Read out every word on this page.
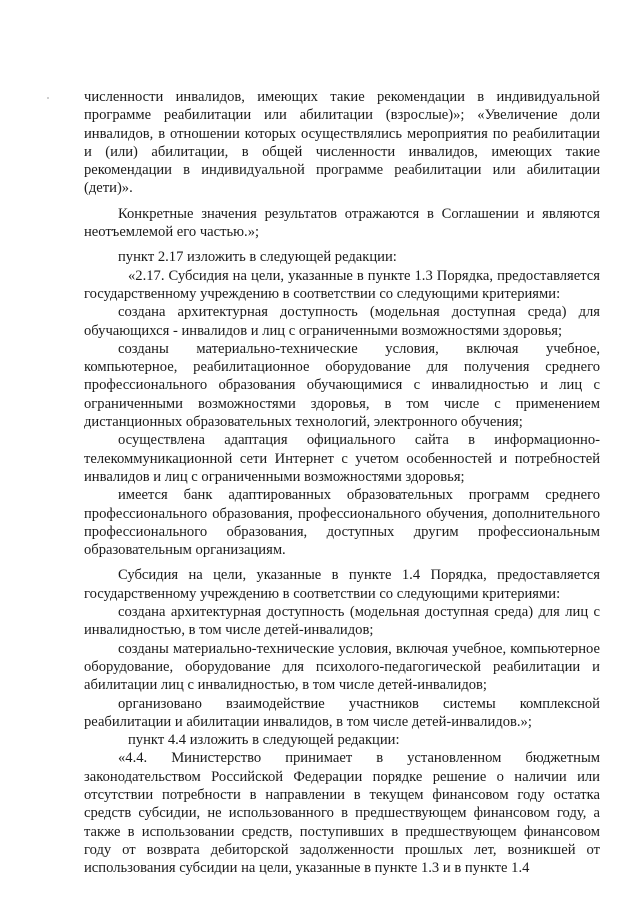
численности инвалидов, имеющих такие рекомендации в индивидуальной программе реабилитации или абилитации (взрослые)»; «Увеличение доли инвалидов, в отношении которых осуществлялись мероприятия по реабилитации и (или) абилитации, в общей численности инвалидов, имеющих такие рекомендации в индивидуальной программе реабилитации или абилитации (дети)».

Конкретные значения результатов отражаются в Соглашении и являются неотъемлемой его частью.»;

пункт 2.17 изложить в следующей редакции:

«2.17. Субсидия на цели, указанные в пункте 1.3 Порядка, предоставляется государственному учреждению в соответствии со следующими критериями:

создана архитектурная доступность (модельная доступная среда) для обучающихся - инвалидов и лиц с ограниченными возможностями здоровья;

созданы материально-технические условия, включая учебное, компьютерное, реабилитационное оборудование для получения среднего профессионального образования обучающимися с инвалидностью и лиц с ограниченными возможностями здоровья, в том числе с применением дистанционных образовательных технологий, электронного обучения;

осуществлена адаптация официального сайта в информационно-телекоммуникационной сети Интернет с учетом особенностей и потребностей инвалидов и лиц с ограниченными возможностями здоровья;

имеется банк адаптированных образовательных программ среднего профессионального образования, профессионального обучения, дополнительного профессионального образования, доступных другим профессиональным образовательным организациям.

Субсидия на цели, указанные в пункте 1.4 Порядка, предоставляется государственному учреждению в соответствии со следующими критериями:

создана архитектурная доступность (модельная доступная среда) для лиц с инвалидностью, в том числе детей-инвалидов;

созданы материально-технические условия, включая учебное, компьютерное оборудование, оборудование для психолого-педагогической реабилитации и абилитации лиц с инвалидностью, в том числе детей-инвалидов;

организовано взаимодействие участников системы комплексной реабилитации и абилитации инвалидов, в том числе детей-инвалидов.»;

пункт 4.4 изложить в следующей редакции:

«4.4. Министерство принимает в установленном бюджетным законодательством Российской Федерации порядке решение о наличии или отсутствии потребности в направлении в текущем финансовом году остатка средств субсидии, не использованного в предшествующем финансовом году, а также в использовании средств, поступивших в предшествующем финансовом году от возврата дебиторской задолженности прошлых лет, возникшей от использования субсидии на цели, указанные в пункте 1.3 и в пункте 1.4
